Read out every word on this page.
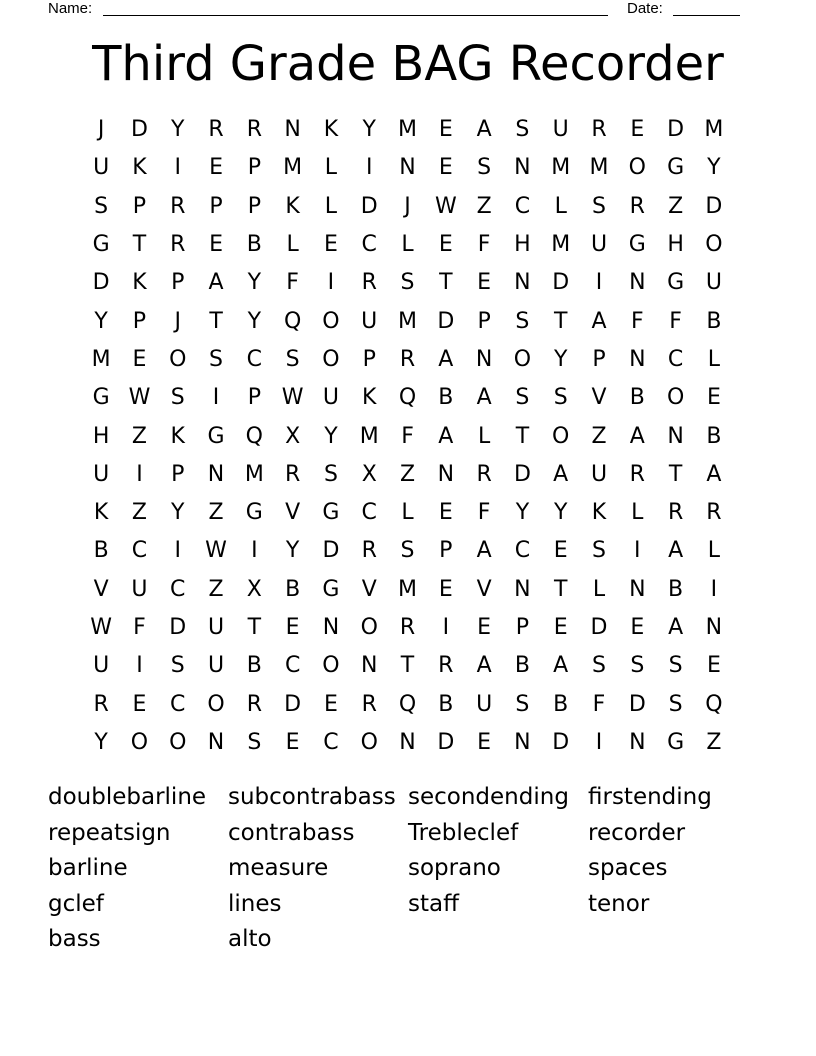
Name:	Date:
Third Grade BAG Recorder
J	D	Y	R	R	N	K	Y	M E	A	S	U	R	E	D M
U	K	I	E	P	M	L	I	N	E	S	N M M O G	Y
S	P	R	P	P	K	L	D	J	W Z	C	L	S	R	Z	D
G	T	R	E	B	L	E	C	L	E	F	H M U G H O
D	K	P	A	Y	F	I	R	S	T	E	N D	I	N G U
Y	P	J	T	Y	Q O U M D	P	S	T	A	F	F	B
M E	O	S	C	S	O	P	R	A	N O	Y	P	N	C	L
G W S	I	P W U	K	Q	B	A	S	S	V	B	O	E
H	Z	K	G Q	X	Y	M	F	A	L	T	O	Z	A	N	B
U	I	P	N M R	S	X	Z	N	R	D	A	U	R	T	A
K	Z	Y	Z	G	V	G	C	L	E	F	Y	Y	K	L	R	R
B	C	I	W	I	Y	D	R	S	P	A	C	E	S	I	A	L
V	U	C	Z	X	B	G	V M E	V	N	T	L	N	B	I
W F	D U	T	E	N O R	I	E	P	E	D	E	A	N
U	I	S	U	B	C O N	T	R	A	B	A	S	S	S	E
R	E	C O R	D	E	R Q	B	U	S	B	F	D	S	Q
Y	O O N	S	E	C O N D	E	N D	I	N G	Z
doublebarline subcontrabass secondending firstending
repeatsign	contrabass	Trebleclef	recorder
barline	measure	soprano	spaces
gclef	lines	staff	tenor
bass	alto
